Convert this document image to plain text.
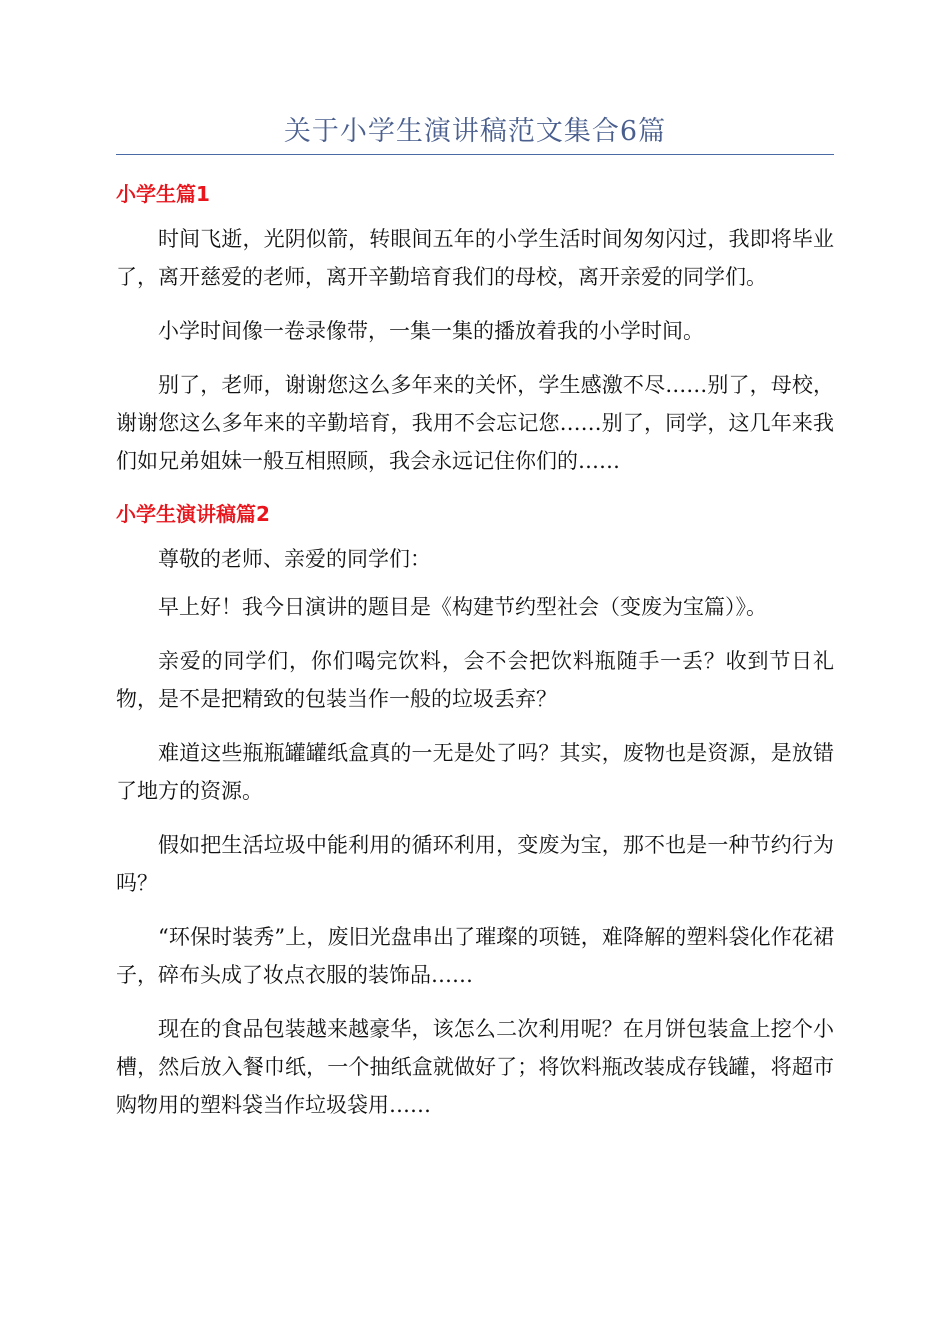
关于小学生演讲稿范文集合6篇
小学生篇1

时间飞逝，光阴似箭，转眼间五年的小学生活时间匆匆闪过，我即将毕业了，离开慈爱的老师，离开辛勤培育我们的母校，离开亲爱的同学们。

小学时间像一卷录像带，一集一集的播放着我的小学时间。

别了，老师，谢谢您这么多年来的关怀，学生感激不尽……别了，母校，谢谢您这么多年来的辛勤培育，我用不会忘记您……别了，同学，这几年来我们如兄弟姐妹一般互相照顾，我会永远记住你们的……

小学生演讲稿篇2

尊敬的老师、亲爱的同学们：

早上好！我今日演讲的题目是《构建节约型社会（变废为宝篇）》。

亲爱的同学们，你们喝完饮料，会不会把饮料瓶随手一丢？收到节日礼物，是不是把精致的包装当作一般的垃圾丢弃？

难道这些瓶瓶罐罐纸盒真的一无是处了吗？其实，废物也是资源，是放错了地方的资源。

假如把生活垃圾中能利用的循环利用，变废为宝，那不也是一种节约行为吗？

“环保时装秀”上，废旧光盘串出了璀璨的项链，难降解的塑料袋化作花裙子，碎布头成了妆点衣服的装饰品……

现在的食品包装越来越豪华，该怎么二次利用呢？在月饼包装盒上挖个小槽，然后放入餐巾纸，一个抽纸盒就做好了；将饮料瓶改装成存钱罐，将超市购物用的塑料袋当作垃圾袋用……
